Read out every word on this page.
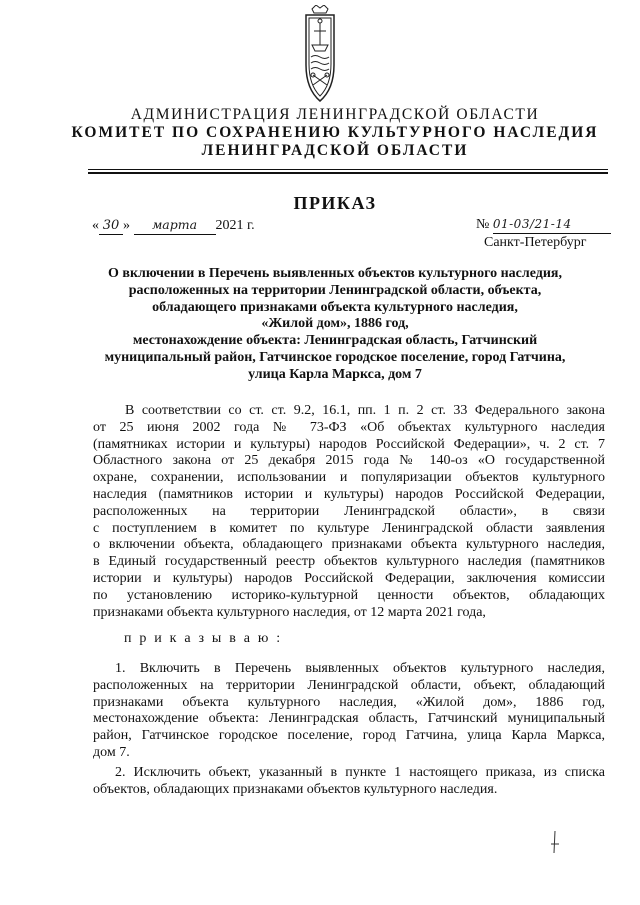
АДМИНИСТРАЦИЯ ЛЕНИНГРАДСКОЙ ОБЛАСТИ
КОМИТЕТ ПО СОХРАНЕНИЮ КУЛЬТУРНОГО НАСЛЕДИЯ
ЛЕНИНГРАДСКОЙ ОБЛАСТИ
ПРИКАЗ
« 30 » марта 2021 г.	№ 01-03/21-14
Санкт-Петербург
О включении в Перечень выявленных объектов культурного наследия,
расположенных на территории Ленинградской области, объекта,
обладающего признаками объекта культурного наследия,
«Жилой дом», 1886 год,
местонахождение объекта: Ленинградская область, Гатчинский
муниципальный район, Гатчинское городское поселение, город Гатчина,
улица Карла Маркса, дом 7
В соответствии со ст. ст. 9.2, 16.1, пп. 1 п. 2 ст. 33 Федерального закона
от 25 июня 2002 года № 73-ФЗ «Об объектах культурного наследия
(памятниках истории и культуры) народов Российской Федерации», ч. 2 ст. 7
Областного закона от 25 декабря 2015 года № 140-оз «О государственной
охране, сохранении, использовании и популяризации объектов культурного
наследия (памятников истории и культуры) народов Российской Федерации,
расположенных на территории Ленинградской области», в связи
с поступлением в комитет по культуре Ленинградской области заявления
о включении объекта, обладающего признаками объекта культурного наследия,
в Единый государственный реестр объектов культурного наследия (памятников
истории и культуры) народов Российской Федерации, заключения комиссии
по установлению историко-культурной ценности объектов, обладающих
признаками объекта культурного наследия, от 12 марта 2021 года,
п р и к а з ы в а ю :
1. Включить в Перечень выявленных объектов культурного наследия,
расположенных на территории Ленинградской области, объект, обладающий
признаками объекта культурного наследия, «Жилой дом», 1886 год,
местонахождение объекта: Ленинградская область, Гатчинский муниципальный
район, Гатчинское городское поселение, город Гатчина, улица Карла Маркса,
дом 7.
2. Исключить объект, указанный в пункте 1 настоящего приказа, из списка
объектов, обладающих признаками объектов культурного наследия.
